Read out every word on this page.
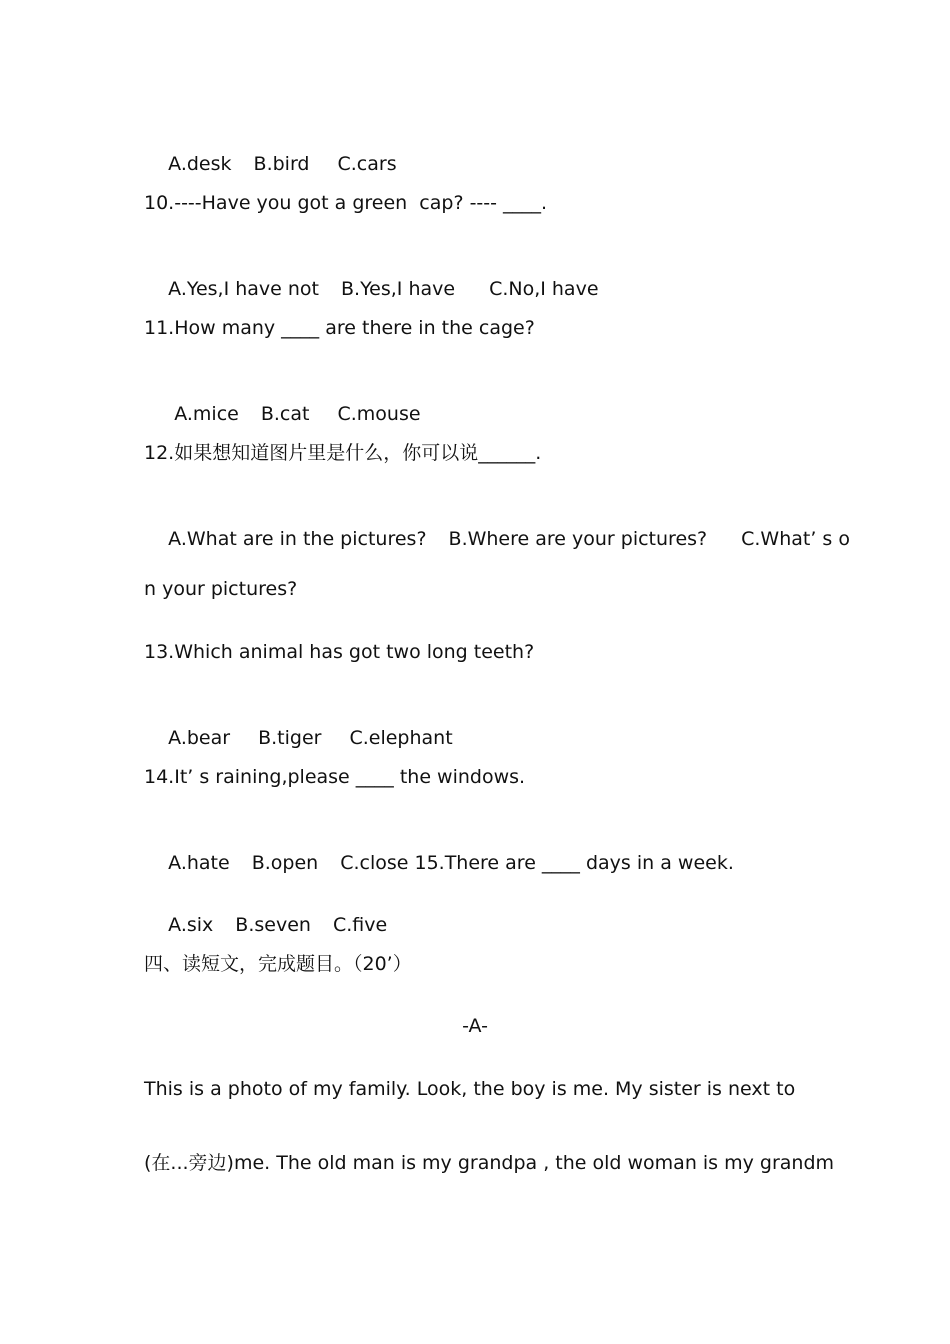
A.desk B.bird C.cars

10.----Have you got a green  cap? ---- ____.

A.Yes,I have not B.Yes,I have C.No,I have

11.How many ____ are there in the cage?

A.mice B.cat C.mouse

12.如果想知道图片里是什么，你可以说______.

A.What are in the pictures? B.Where are your pictures? C.What’ s o

n your pictures?
13.Which animal has got two long teeth?

A.bear B.tiger C.elephant

14.It’ s raining,please ____ the windows.

A.hate B.open C.close 15.There are ____ days in a week.

A.six B.seven C.five

四、读短文，完成题目。（20’）
-A-
This is a photo of my family. Look, the boy is me. My sister is next to
(在...旁边)me. The old man is my grandpa , the old woman is my grandm
